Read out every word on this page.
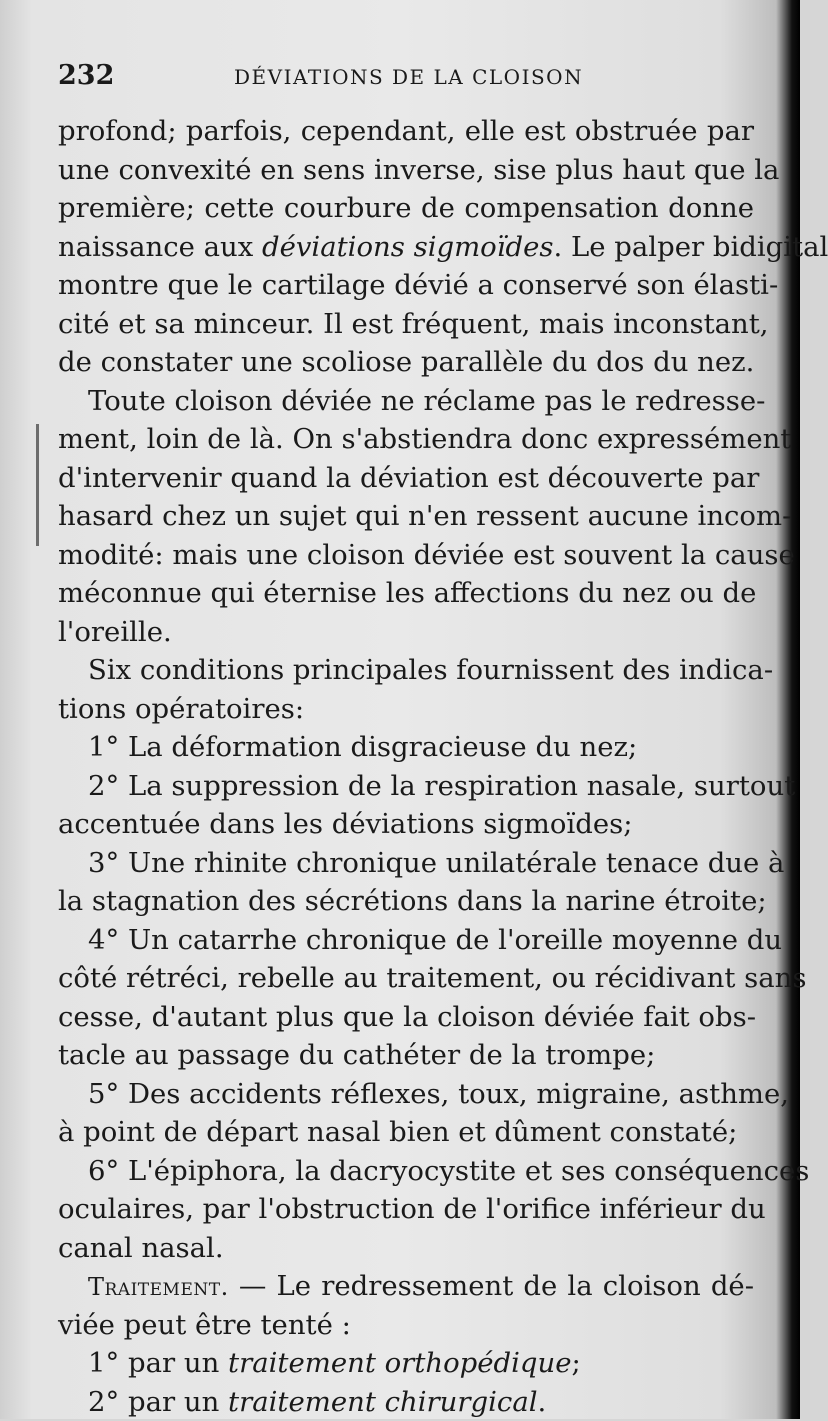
232	DÉVIATIONS DE LA CLOISON
profond; parfois, cependant, elle est obstruée par
une convexité en sens inverse, sise plus haut que la
première; cette courbure de compensation donne
naissance aux déviations sigmoïdes. Le palper bidigital
montre que le cartilage dévié a conservé son élasti-
cité et sa minceur. Il est fréquent, mais inconstant,
de constater une scoliose parallèle du dos du nez.
Toute cloison déviée ne réclame pas le redresse-
ment, loin de là. On s'abstiendra donc expressément
d'intervenir quand la déviation est découverte par
hasard chez un sujet qui n'en ressent aucune incom-
modité: mais une cloison déviée est souvent la cause
méconnue qui éternise les affections du nez ou de
l'oreille.
Six conditions principales fournissent des indica-
tions opératoires:
1° La déformation disgracieuse du nez;
2° La suppression de la respiration nasale, surtout
accentuée dans les déviations sigmoïdes;
3° Une rhinite chronique unilatérale tenace due à
la stagnation des sécrétions dans la narine étroite;
4° Un catarrhe chronique de l'oreille moyenne du
côté rétréci, rebelle au traitement, ou récidivant sans
cesse, d'autant plus que la cloison déviée fait obs-
tacle au passage du cathéter de la trompe;
5° Des accidents réflexes, toux, migraine, asthme,
à point de départ nasal bien et dûment constaté;
6° L'épiphora, la dacryocystite et ses conséquences
oculaires, par l'obstruction de l'orifice inférieur du
canal nasal.
Traitement. — Le redressement de la cloison dé-
viée peut être tenté :
1° par un traitement orthopédique;
2° par un traitement chirurgical.
